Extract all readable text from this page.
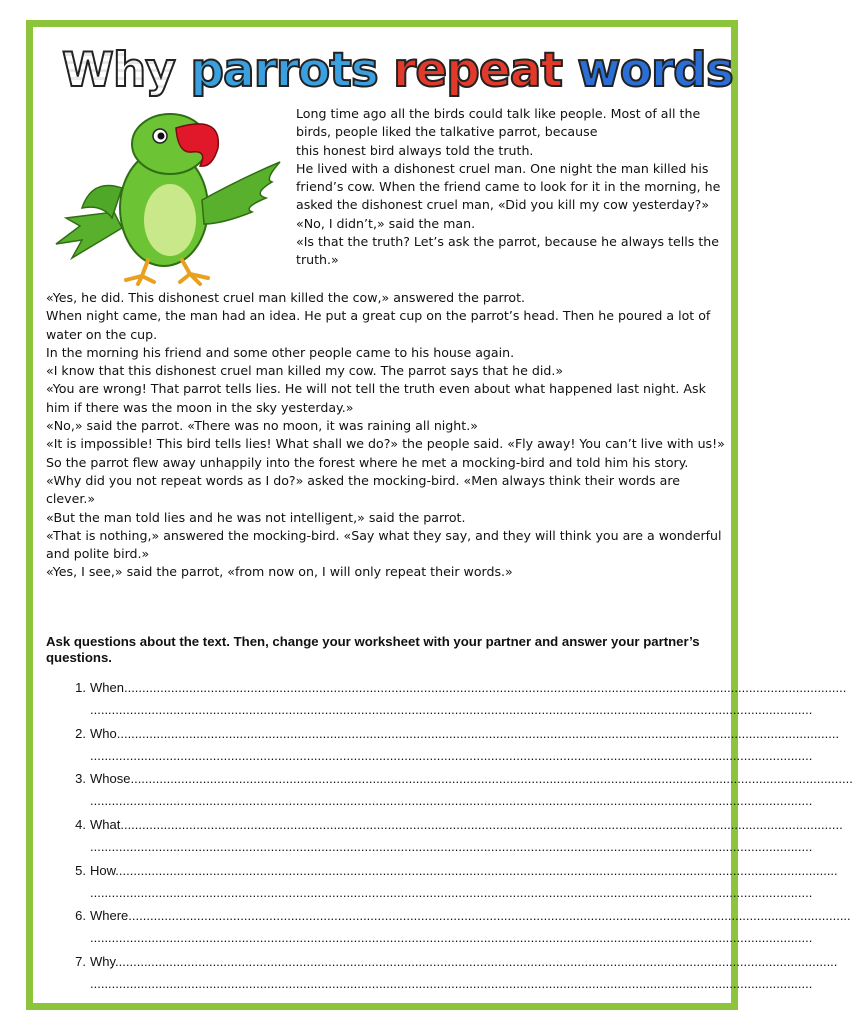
Why parrots repeat words

Long time ago all the birds could talk like people. Most of all the birds, people liked the talkative parrot, because

this honest bird always told the truth.

He lived with a dishonest cruel man. One night the man killed his friend’s cow. When the friend came to look for it in the morning, he asked the dishonest cruel man, «Did you kill my cow yesterday?»

«No, I didn’t,» said the man.

«Is that the truth? Let’s ask the parrot, because he always tells the truth.»

«Yes, he did. This dishonest cruel man killed the cow,» answered the parrot.

When night came, the man had an idea. He put a great cup on the parrot’s head. Then he poured a lot of water on the cup.

In the morning his friend and some other people came to his house again.

«I know that this dishonest cruel man killed my cow. The parrot says that he did.»

«You are wrong! That parrot tells lies. He will not tell the truth even about what happened last night. Ask him if there was the moon in the sky yesterday.»

«No,» said the parrot. «There was no moon, it was raining all night.»

«It is impossible! This bird tells lies! What shall we do?» the people said. «Fly away! You can’t live with us!»

So the parrot flew away unhappily into the forest where he met a mocking-bird and told him his story.

«Why did you not repeat words as I do?» asked the mocking-bird. «Men always think their words are clever.»

«But the man told lies and he was not intelligent,» said the parrot.

«That is nothing,» answered the mocking-bird. «Say what they say, and they will think you are a wonderful and polite bird.»

«Yes, I see,» said the parrot, «from now on, I will only repeat their words.»

Ask questions about the text. Then, change your worksheet with your partner and answer your partner’s questions.
1. When........................................................................................................................................................................................................
........................................................................................................................................................................................................
2. Who........................................................................................................................................................................................................
........................................................................................................................................................................................................
3. Whose........................................................................................................................................................................................................
........................................................................................................................................................................................................
4. What........................................................................................................................................................................................................
........................................................................................................................................................................................................
5. How........................................................................................................................................................................................................
........................................................................................................................................................................................................
6. Where........................................................................................................................................................................................................
........................................................................................................................................................................................................
7. Why........................................................................................................................................................................................................
........................................................................................................................................................................................................
